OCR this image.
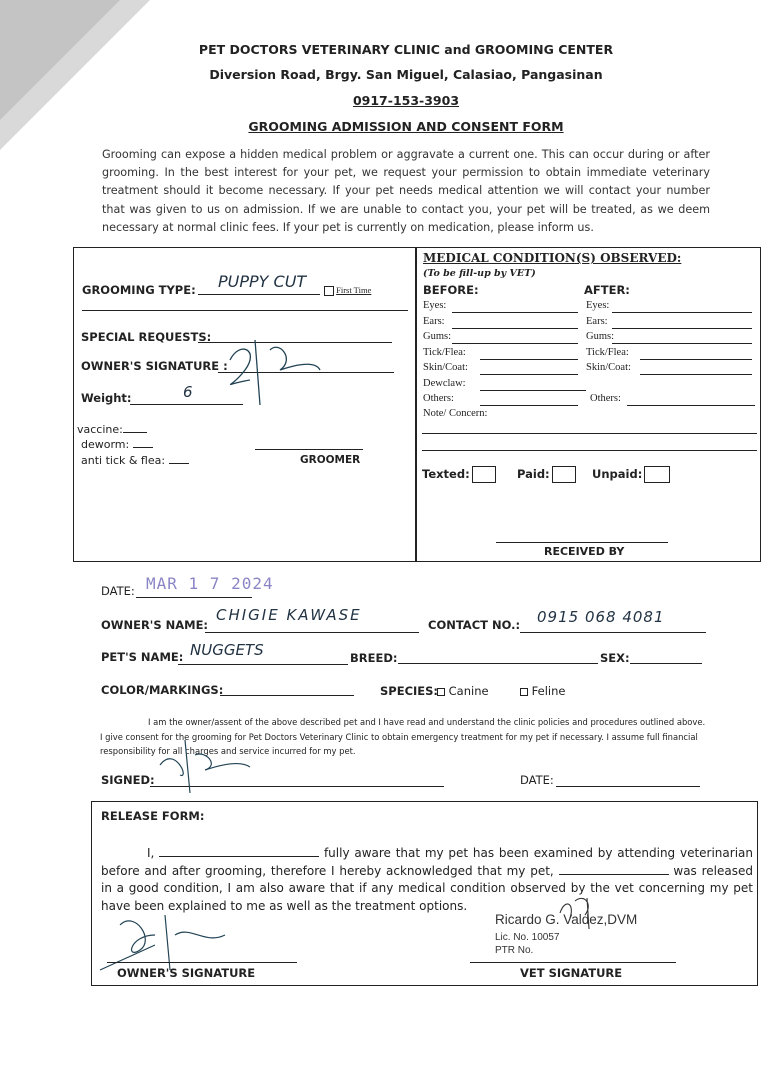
PET DOCTORS VETERINARY CLINIC and GROOMING CENTER
Diversion Road, Brgy. San Miguel, Calasiao, Pangasinan
0917-153-3903
GROOMING ADMISSION AND CONSENT FORM
Grooming can expose a hidden medical problem or aggravate a current one. This can occur during or after grooming. In the best interest for your pet, we request your permission to obtain immediate veterinary treatment should it become necessary. If your pet needs medical attention we will contact your number that was given to us on admission. If we are unable to contact you, your pet will be treated, as we deem necessary at normal clinic fees. If your pet is currently on medication, please inform us.
GROOMING TYPE: PUPPY CUT	First Time
SPECIAL REQUESTS:
OWNER'S SIGNATURE :
Weight:	6
vaccine:
deworm:
anti tick & flea:	GROOMER
MEDICAL CONDITION(S) OBSERVED:
(To be fill-up by VET)
BEFORE:	AFTER:
Eyes:	Eyes:
Ears:	Ears:
Gums:	Gums:
Tick/Flea:	Tick/Flea:
Skin/Coat:	Skin/Coat:
Dewclaw:
Others:	Others:
Note/ Concern:
Texted:	Paid:	Unpaid:
RECEIVED BY
DATE: MAR 1 7 2024
OWNER'S NAME:
CHIGIE KAWASE
CONTACT NO.: 0915 068 4081
PET'S NAME: NUGGETS	BREED:	SEX:
COLOR/MARKINGS:	SPECIES: Canine	Feline
I am the owner/assent of the above described pet and I have read and understand the clinic policies and procedures outlined above. I give consent for the grooming for Pet Doctors Veterinary Clinic to obtain emergency treatment for my pet if necessary. I assume full financial responsibility for all charges and service incurred for my pet.
SIGNED:	DATE:
RELEASE FORM:
I,	fully aware that my pet has been examined by attending veterinarian before and after grooming, therefore I hereby acknowledged that my pet,	was released in a good condition, I am also aware that if any medical condition observed by the vet concerning my pet have been explained to me as well as the treatment options.
OWNER'S SIGNATURE
Ricardo G. Valdez,DVM
Lic. No. 10057
PTR No.
VET SIGNATURE
